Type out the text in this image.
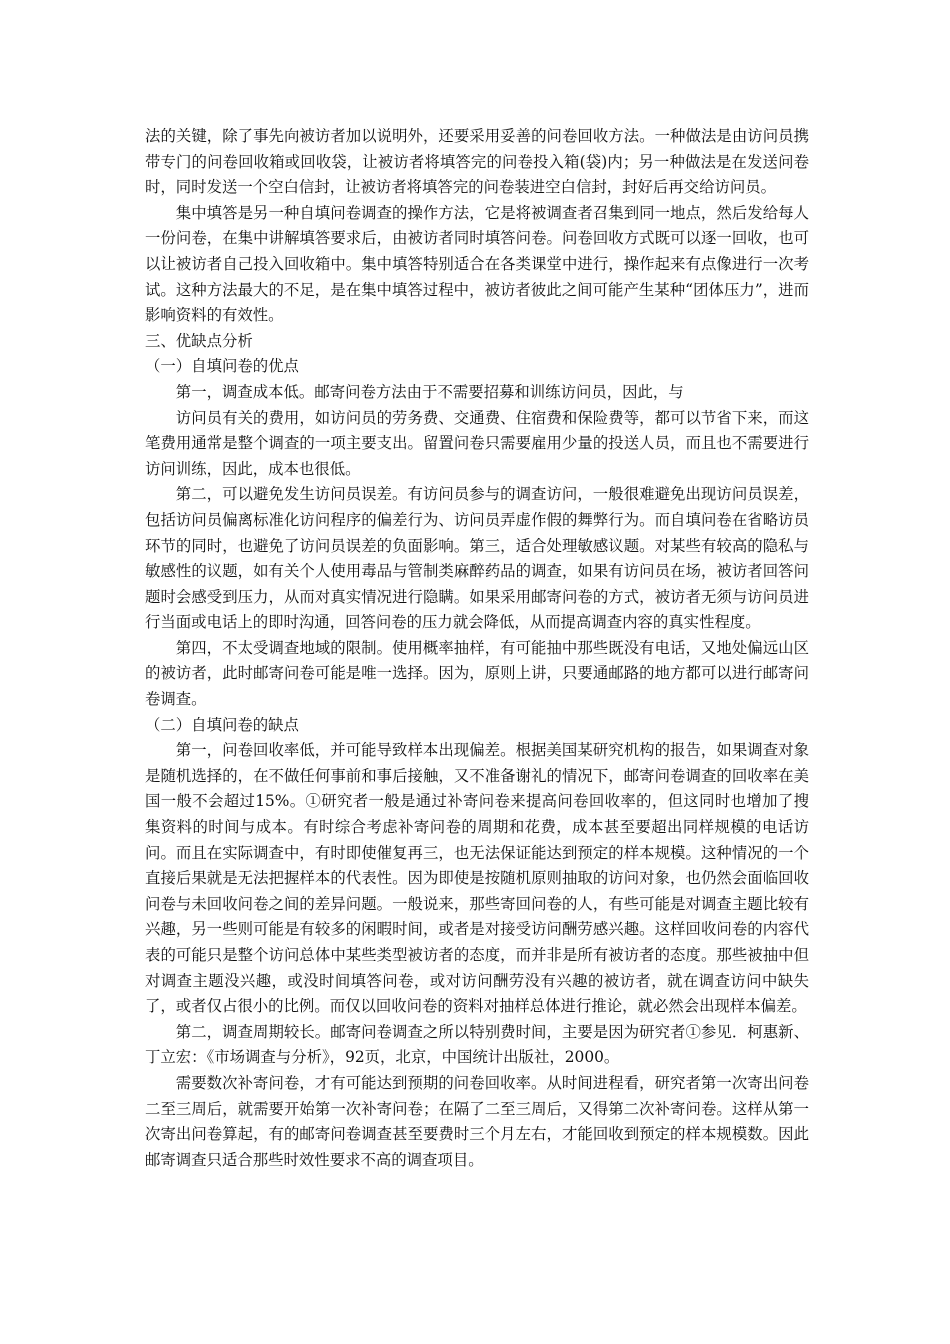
法的关键，除了事先向被访者加以说明外，还要采用妥善的问卷回收方法。一种做法是由访问员携带专门的问卷回收箱或回收袋，让被访者将填答完的问卷投入箱(袋)内；另一种做法是在发送问卷时，同时发送一个空白信封，让被访者将填答完的问卷装进空白信封，封好后再交给访问员。

集中填答是另一种自填问卷调查的操作方法，它是将被调查者召集到同一地点，然后发给每人一份问卷，在集中讲解填答要求后，由被访者同时填答问卷。问卷回收方式既可以逐一回收，也可以让被访者自己投入回收箱中。集中填答特别适合在各类课堂中进行，操作起来有点像进行一次考试。这种方法最大的不足，是在集中填答过程中，被访者彼此之间可能产生某种“团体压力”，进而影响资料的有效性。

三、优缺点分析

（一）自填问卷的优点

第一，调查成本低。邮寄问卷方法由于不需要招募和训练访问员，因此，与

访问员有关的费用，如访问员的劳务费、交通费、住宿费和保险费等，都可以节省下来，而这笔费用通常是整个调查的一项主要支出。留置问卷只需要雇用少量的投送人员，而且也不需要进行访问训练，因此，成本也很低。

第二，可以避免发生访问员误差。有访问员参与的调查访问，一般很难避免出现访问员误差，包括访问员偏离标准化访问程序的偏差行为、访问员弄虚作假的舞弊行为。而自填问卷在省略访员环节的同时，也避免了访问员误差的负面影响。第三，适合处理敏感议题。对某些有较高的隐私与敏感性的议题，如有关个人使用毒品与管制类麻醉药品的调查，如果有访问员在场，被访者回答问题时会感受到压力，从而对真实情况进行隐瞒。如果采用邮寄问卷的方式，被访者无须与访问员进行当面或电话上的即时沟通，回答问卷的压力就会降低，从而提高调查内容的真实性程度。

第四，不太受调查地域的限制。使用概率抽样，有可能抽中那些既没有电话，又地处偏远山区的被访者，此时邮寄问卷可能是唯一选择。因为，原则上讲，只要通邮路的地方都可以进行邮寄问卷调查。

（二）自填问卷的缺点

第一，问卷回收率低，并可能导致样本出现偏差。根据美国某研究机构的报告，如果调查对象是随机选择的，在不做任何事前和事后接触，又不准备谢礼的情况下，邮寄问卷调查的回收率在美国一般不会超过15%。①研究者一般是通过补寄问卷来提高问卷回收率的，但这同时也增加了搜集资料的时间与成本。有时综合考虑补寄问卷的周期和花费，成本甚至要超出同样规模的电话访问。而且在实际调查中，有时即使催复再三，也无法保证能达到预定的样本规模。这种情况的一个直接后果就是无法把握样本的代表性。因为即使是按随机原则抽取的访问对象，也仍然会面临回收问卷与未回收问卷之间的差异问题。一般说来，那些寄回问卷的人，有些可能是对调查主题比较有兴趣，另一些则可能是有较多的闲暇时间，或者是对接受访问酬劳感兴趣。这样回收问卷的内容代表的可能只是整个访问总体中某些类型被访者的态度，而并非是所有被访者的态度。那些被抽中但对调查主题没兴趣，或没时间填答问卷，或对访问酬劳没有兴趣的被访者，就在调查访问中缺失了，或者仅占很小的比例。而仅以回收问卷的资料对抽样总体进行推论，就必然会出现样本偏差。

第二，调查周期较长。邮寄问卷调查之所以特别费时间，主要是因为研究者①参见．柯惠新、丁立宏：《市场调查与分析》，92页，北京，中国统计出版社，2000。

需要数次补寄问卷，才有可能达到预期的问卷回收率。从时间进程看，研究者第一次寄出问卷二至三周后，就需要开始第一次补寄问卷；在隔了二至三周后，又得第二次补寄问卷。这样从第一次寄出问卷算起，有的邮寄问卷调查甚至要费时三个月左右，才能回收到预定的样本规模数。因此邮寄调查只适合那些时效性要求不高的调查项目。
